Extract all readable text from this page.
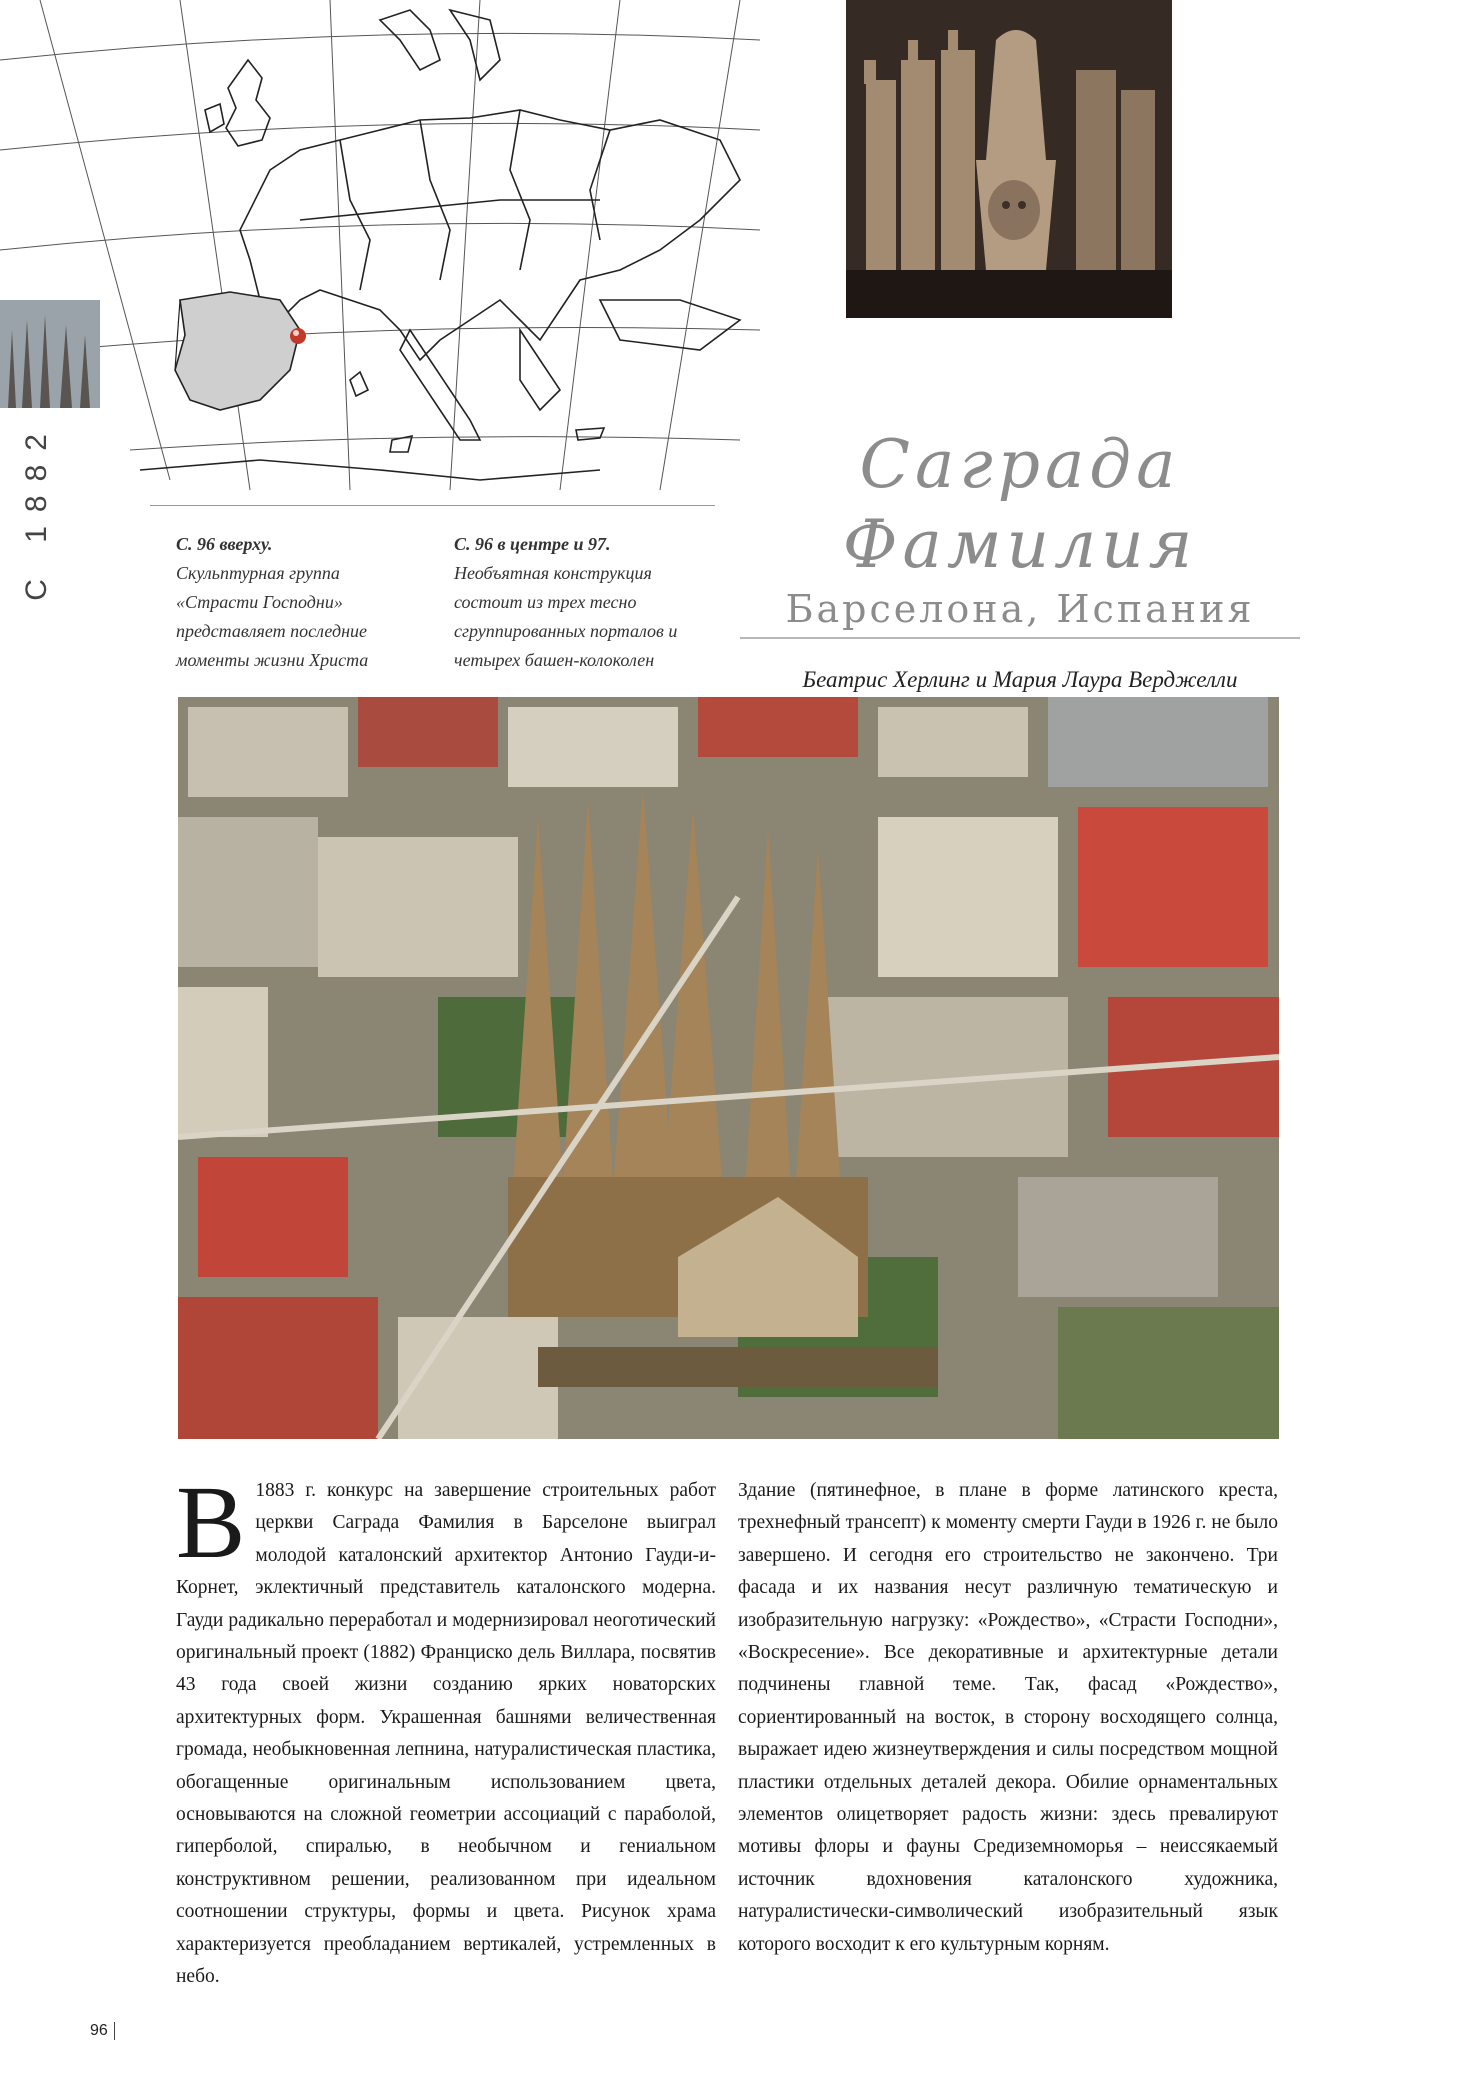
С 1882	С. 96 вверху.
Скульптурная группа «Страсти Господни» представляет последние моменты жизни Христа
С. 96 в центре и 97.
Необъятная конструкция состоит из трех тесно сгруппированных порталов и четырех башен-колоколен
Саграда
Фамилия
Барселона, Испания
Беатрис Херлинг и Мария Лаура Верджелли
В 1883 г. конкурс на завершение строительных работ церкви Саграда Фамилия в Барселоне выиграл молодой каталонский архитектор Антонио Гауди-и-Корнет, эклектичный представитель каталонского модерна. Гауди радикально переработал и модернизировал неоготический оригинальный проект (1882) Франциско дель Виллара, посвятив 43 года своей жизни созданию ярких новаторских архитектурных форм. Украшенная башнями величественная громада, необыкновенная лепнина, натуралистическая пластика, обогащенные оригинальным использованием цвета, основываются на сложной геометрии ассоциаций с параболой, гиперболой, спиралью, в необычном и гениальном конструктивном решении, реализованном при идеальном соотношении структуры, формы и цвета. Рисунок храма характеризуется преобладанием вертикалей, устремленных в небо.
Здание (пятинефное, в плане в форме латинского креста, трехнефный трансепт) к моменту смерти Гауди в 1926 г. не было завершено. И сегодня его строительство не закончено. Три фасада и их названия несут различную тематическую и изобразительную нагрузку: «Рождество», «Страсти Господни», «Воскресение». Все декоративные и архитектурные детали подчинены главной теме. Так, фасад «Рождество», сориентированный на восток, в сторону восходящего солнца, выражает идею жизнеутверждения и силы посредством мощной пластики отдельных деталей декора. Обилие орнаментальных элементов олицетворяет радость жизни: здесь превалируют мотивы флоры и фауны Средиземноморья – неиссякаемый источник вдохновения каталонского художника, натуралистически-символический изобразительный язык которого восходит к его культурным корням.
96
